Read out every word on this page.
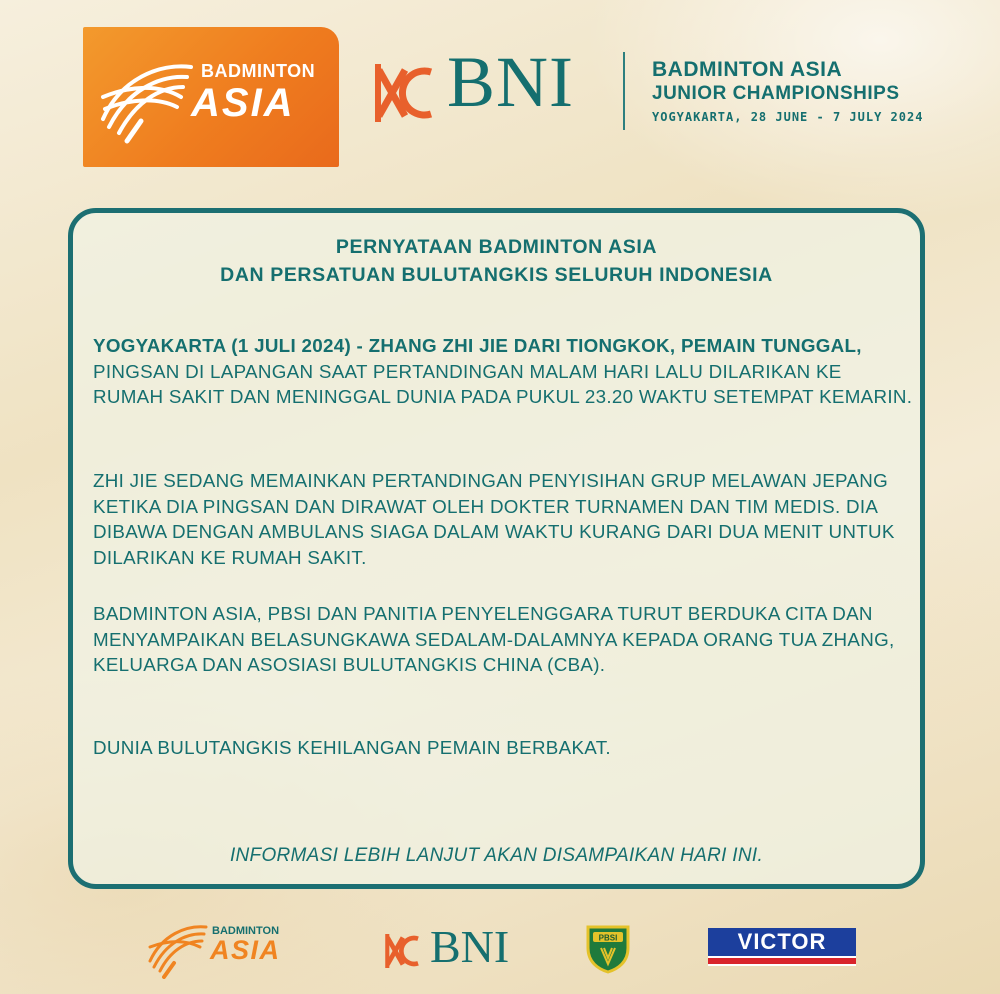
BADMINTON
ASIA BNI	BADMINTON ASIA
JUNIOR CHAMPIONSHIPS
YOGYAKARTA, 28 JUNE - 7 JULY 2024
PERNYATAAN BADMINTON ASIA
DAN PERSATUAN BULUTANGKIS SELURUH INDONESIA
YOGYAKARTA (1 JULI 2024) - ZHANG ZHI JIE DARI TIONGKOK, PEMAIN TUNGGAL, PINGSAN DI LAPANGAN SAAT PERTANDINGAN MALAM HARI LALU DILARIKAN KE RUMAH SAKIT DAN MENINGGAL DUNIA PADA PUKUL 23.20 WAKTU SETEMPAT KEMARIN.
ZHI JIE SEDANG MEMAINKAN PERTANDINGAN PENYISIHAN GRUP MELAWAN JEPANG KETIKA DIA PINGSAN DAN DIRAWAT OLEH DOKTER TURNAMEN DAN TIM MEDIS. DIA DIBAWA DENGAN AMBULANS SIAGA DALAM WAKTU KURANG DARI DUA MENIT UNTUK DILARIKAN KE RUMAH SAKIT.
BADMINTON ASIA, PBSI DAN PANITIA PENYELENGGARA TURUT BERDUKA CITA DAN MENYAMPAIKAN BELASUNGKAWA SEDALAM-DALAMNYA KEPADA ORANG TUA ZHANG, KELUARGA DAN ASOSIASI BULUTANGKIS CHINA (CBA).
DUNIA BULUTANGKIS KEHILANGAN PEMAIN BERBAKAT.
INFORMASI LEBIH LANJUT AKAN DISAMPAIKAN HARI INI.
BADMINTON
ASIA	BNI	PBSI	VICTOR
